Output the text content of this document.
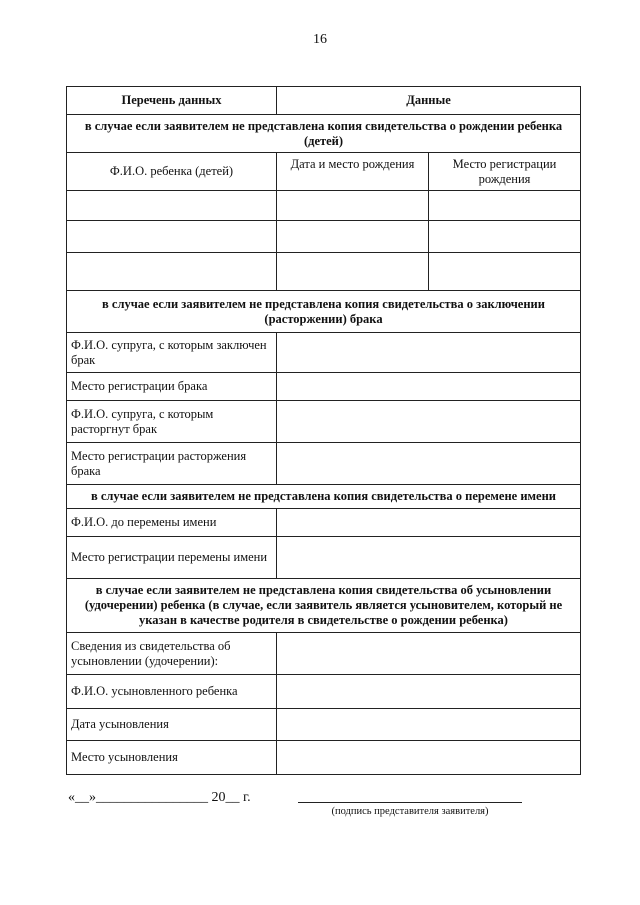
16
Перечень данных	Данные	
в случае если заявителем не представлена копия свидетельства о рождении ребенка (детей)		
Ф.И.О. ребенка (детей)	Дата и место рождения	Место регистрации рождения

в случае если заявителем не представлена копия свидетельства о заключении (расторжении) брака		
Ф.И.О. супруга, с которым заключен брак		
Место регистрации брака		
Ф.И.О. супруга, с которым расторгнут брак		
Место регистрации расторжения брака		
в случае если заявителем не представлена копия свидетельства о перемене имени		
Ф.И.О. до перемены имени		
Место регистрации перемены имени		
в случае если заявителем не представлена копия свидетельства об усыновлении (удочерении) ребенка (в случае, если заявитель является усыновителем, который не указан в качестве родителя в свидетельстве о рождении ребенка)		
Сведения из свидетельства об усыновлении (удочерении):		
Ф.И.О. усыновленного ребенка		
Дата усыновления		
Место усыновления		
«__»________________ 20__ г.
(подпись представителя заявителя)
